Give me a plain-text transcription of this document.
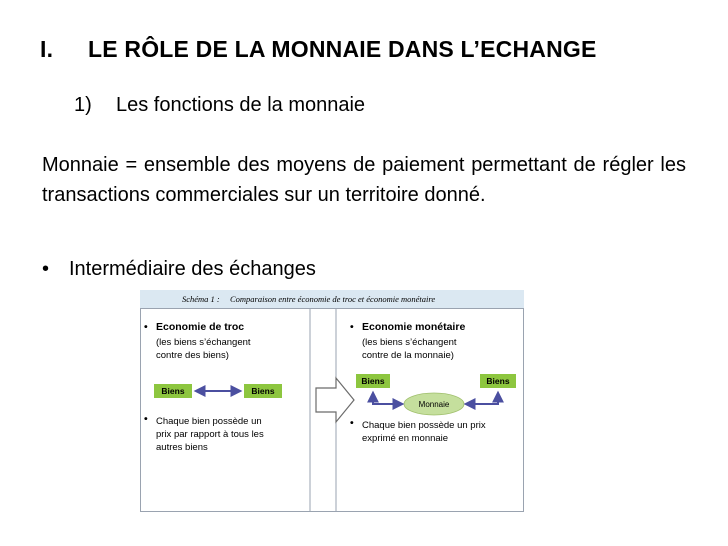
I. LE RÔLE DE LA MONNAIE DANS L’ECHANGE
1) Les fonctions de la monnaie
Monnaie = ensemble des moyens de paiement permettant de régler les transactions commerciales sur un territoire donné.
• Intermédiaire des échanges
Schéma 1 : Comparaison entre économie de troc et économie monétaire
• Economie de troc
(les biens s’échangent
contre des biens)
Biens	Biens
• Chaque bien possède un
prix par rapport à tous les
autres biens
• Economie monétaire
(les biens s’échangent
contre de la monnaie)
Biens	Biens
Monnaie
• Chaque bien possède un prix
exprimé en monnaie
